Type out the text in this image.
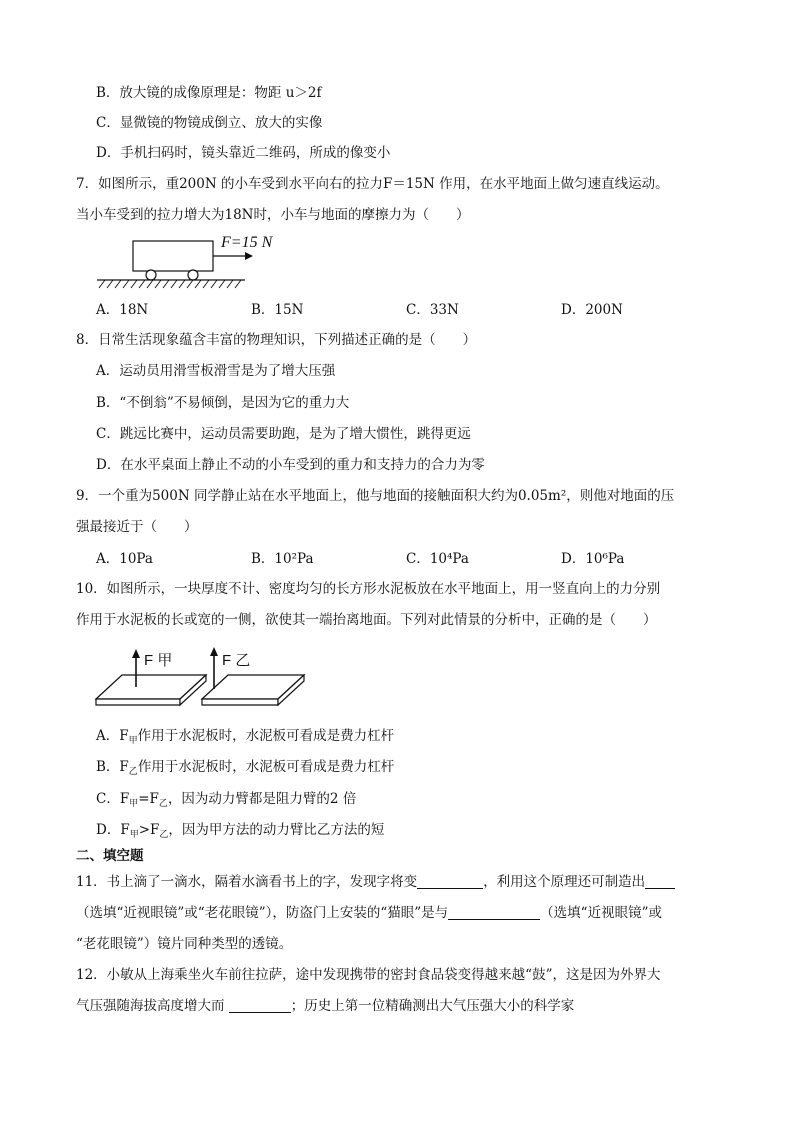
B．放大镜的成像原理是：物距 u＞2f
C．显微镜的物镜成倒立、放大的实像
D．手机扫码时，镜头靠近二维码，所成的像变小
7．如图所示，重200N 的小车受到水平向右的拉力F＝15N 作用，在水平地面上做匀速直线运动。
当小车受到的拉力增大为18N时，小车与地面的摩擦力为（　　）
F=15 N
A．18N	B．15N	C．33N	D．200N
8．日常生活现象蕴含丰富的物理知识，下列描述正确的是（　　）
A．运动员用滑雪板滑雪是为了增大压强
B．“不倒翁”不易倾倒，是因为它的重力大
C．跳远比赛中，运动员需要助跑，是为了增大惯性，跳得更远
D．在水平桌面上静止不动的小车受到的重力和支持力的合力为零
9．一个重为500N 同学静止站在水平地面上，他与地面的接触面积大约为0.05m²，则他对地面的压
强最接近于（　　）
A．10Pa	B．10²Pa	C．10⁴Pa	D．10⁶Pa
10．如图所示，一块厚度不计、密度均匀的长方形水泥板放在水平地面上，用一竖直向上的力分别
作用于水泥板的长或宽的一侧，欲使其一端抬离地面。下列对此情景的分析中，正确的是（　　）
F 甲	F 乙
A．$F_甲$作用于水泥板时，水泥板可看成是费力杠杆
B．$F_乙$作用于水泥板时，水泥板可看成是费力杠杆
C．$F_甲=F_乙$，因为动力臂都是阻力臂的2 倍
D．$F_甲>F_乙$，因为甲方法的动力臂比乙方法的短
二、填空题
11．书上滴了一滴水，隔着水滴看书上的字，发现字将变	，利用这个原理还可制造出
（选填“近视眼镜”或“老花眼镜”），防盗门上安装的“猫眼”是与	（选填“近视眼镜”或
“老花眼镜”）镜片同种类型的透镜。
12．小敏从上海乘坐火车前往拉萨，途中发现携带的密封食品袋变得越来越“鼓”，这是因为外界大
气压强随海拔高度增大而	；历史上第一位精确测出大气压强大小的科学家
